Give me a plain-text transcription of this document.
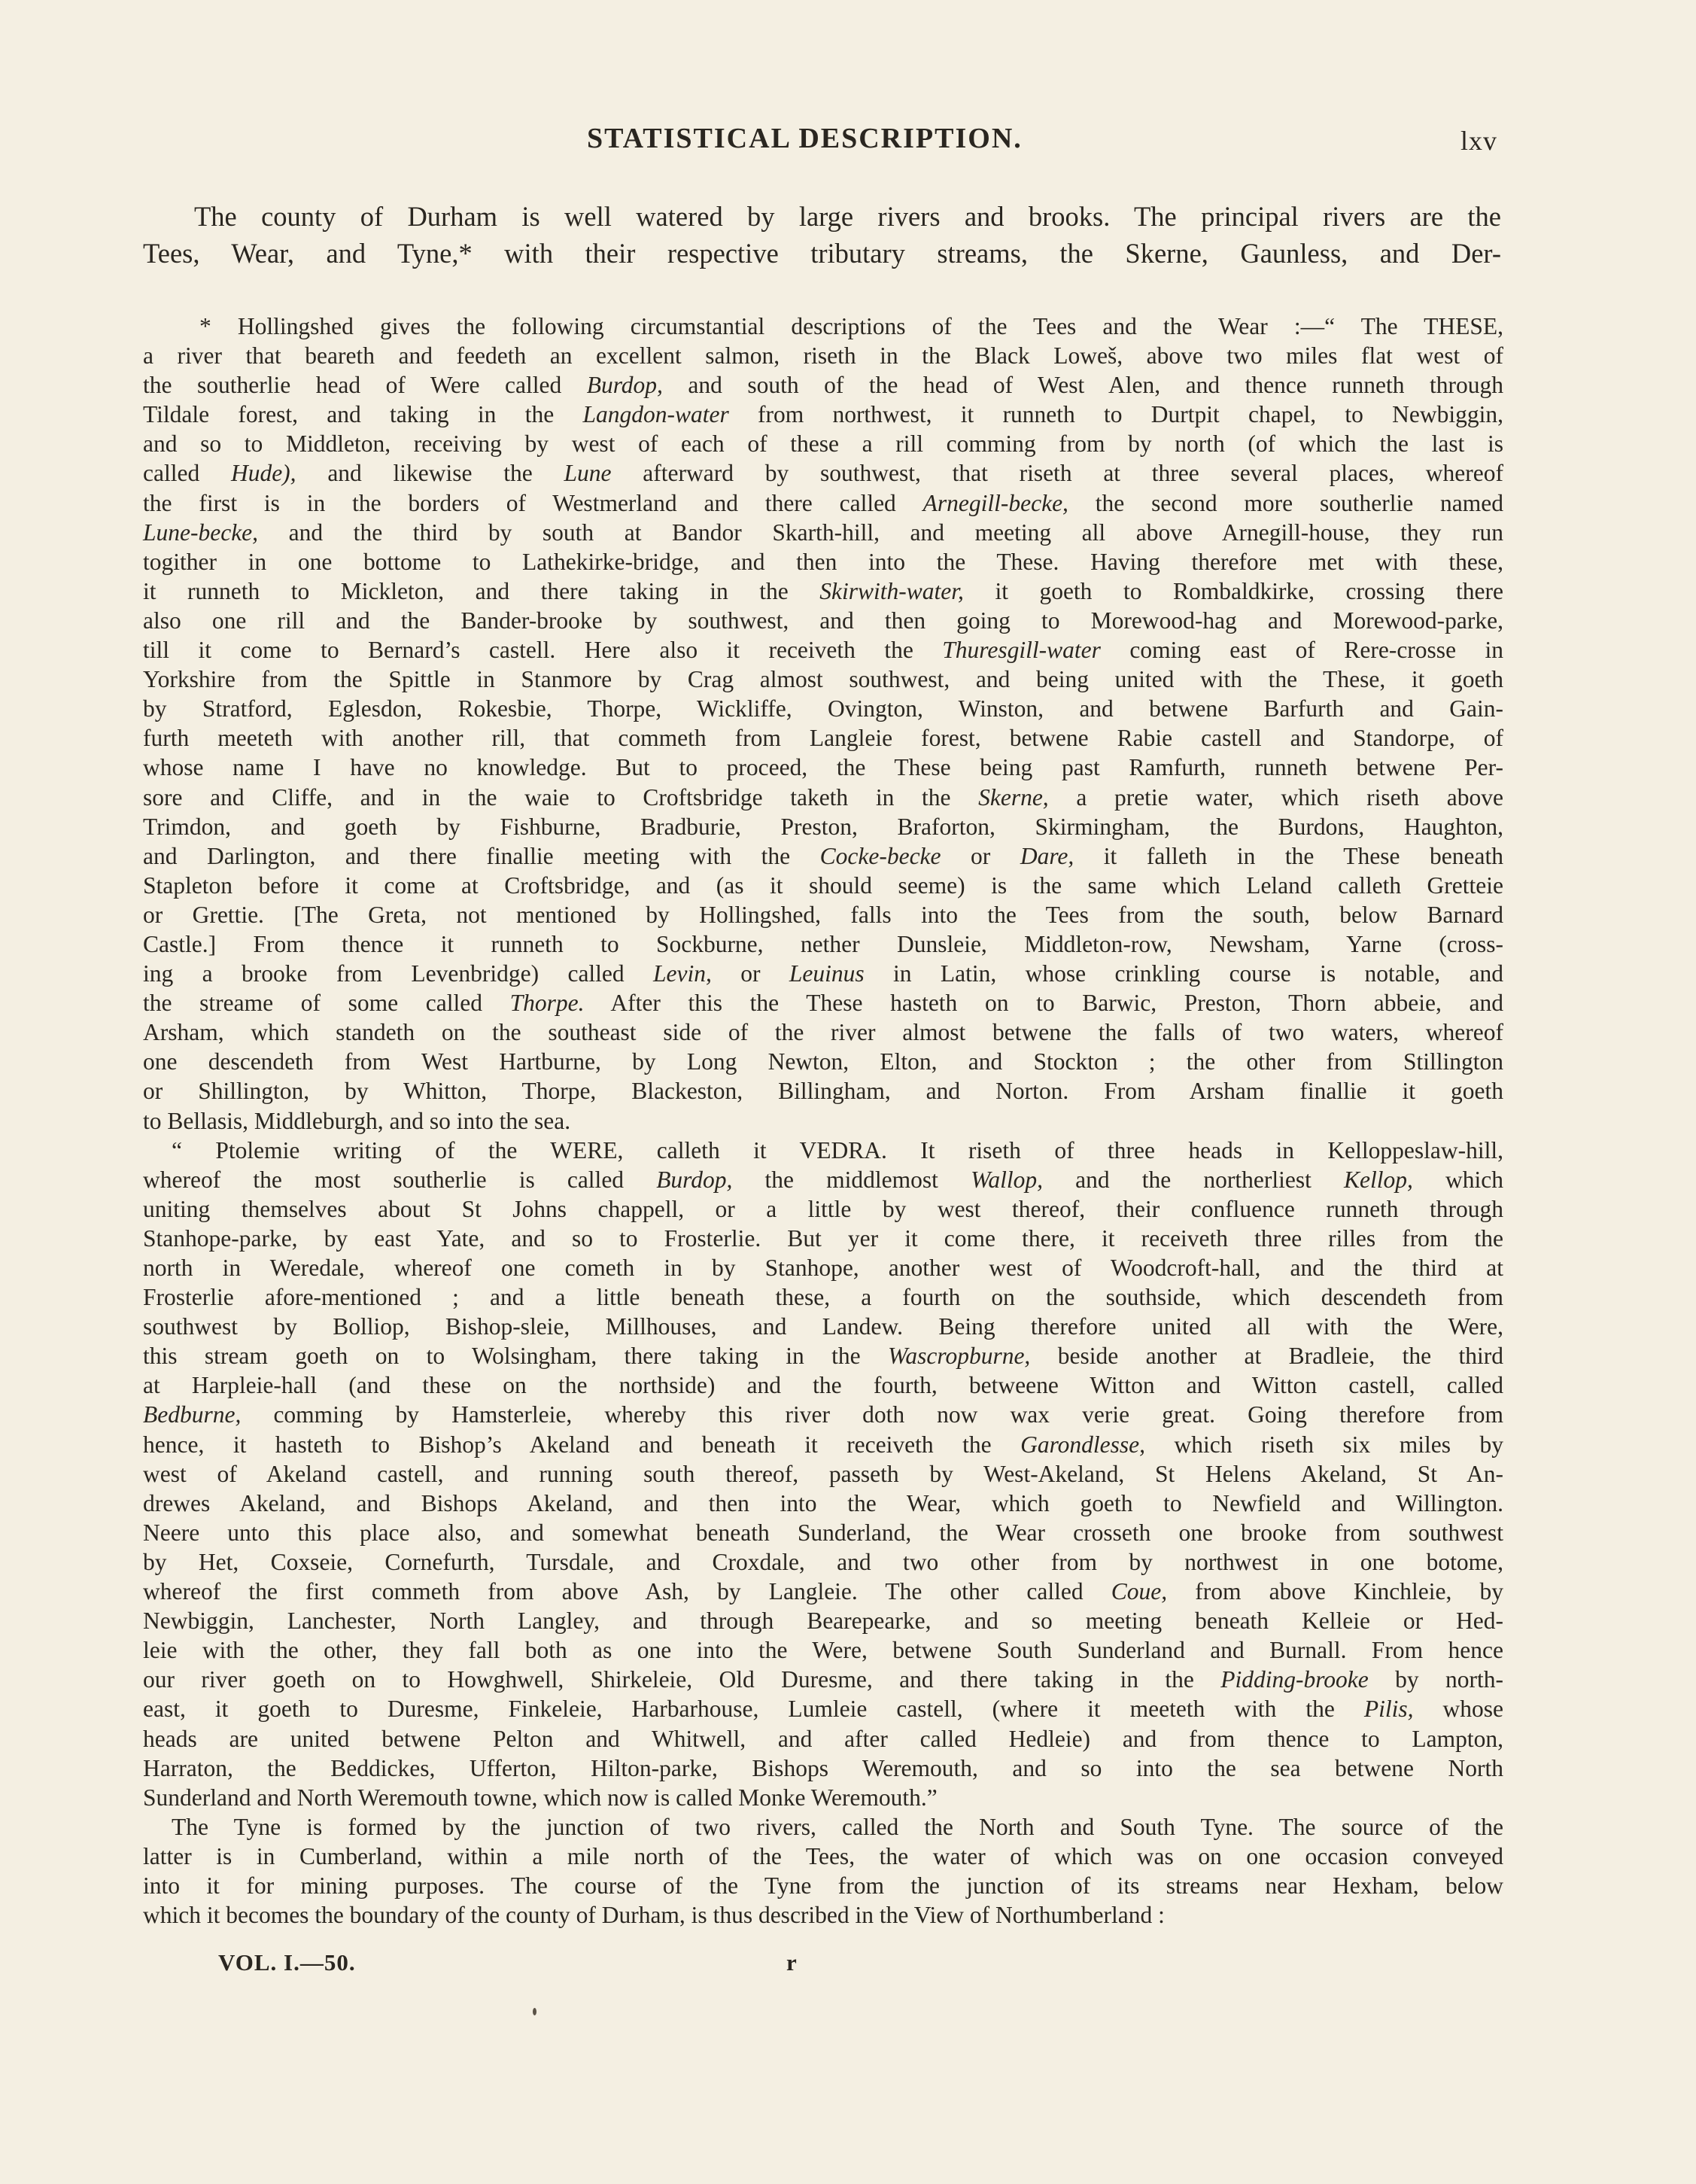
STATISTICAL DESCRIPTION.	lxv
The county of Durham is well watered by large rivers and brooks. The principal rivers are the
Tees, Wear, and Tyne,* with their respective tributary streams, the Skerne, Gaunless, and Der-
* Hollingshed gives the following circumstantial descriptions of the Tees and the Wear :—“ The THESE,
a river that beareth and feedeth an excellent salmon, riseth in the Black Loweš, above two miles flat west of
the southerlie head of Were called Burdop, and south of the head of West Alen, and thence runneth through
Tildale forest, and taking in the Langdon-water from northwest, it runneth to Durtpit chapel, to Newbiggin,
and so to Middleton, receiving by west of each of these a rill comming from by north (of which the last is
called Hude), and likewise the Lune afterward by southwest, that riseth at three several places, whereof
the first is in the borders of Westmerland and there called Arnegill-becke, the second more southerlie named
Lune-becke, and the third by south at Bandor Skarth-hill, and meeting all above Arnegill-house, they run
togither in one bottome to Lathekirke-bridge, and then into the These. Having therefore met with these,
it runneth to Mickleton, and there taking in the Skirwith-water, it goeth to Rombaldkirke, crossing there
also one rill and the Bander-brooke by southwest, and then going to Morewood-hag and Morewood-parke,
till it come to Bernard’s castell. Here also it receiveth the Thuresgill-water coming east of Rere-crosse in
Yorkshire from the Spittle in Stanmore by Crag almost southwest, and being united with the These, it goeth
by Stratford, Eglesdon, Rokesbie, Thorpe, Wickliffe, Ovington, Winston, and betwene Barfurth and Gain-
furth meeteth with another rill, that commeth from Langleie forest, betwene Rabie castell and Standorpe, of
whose name I have no knowledge. But to proceed, the These being past Ramfurth, runneth betwene Per-
sore and Cliffe, and in the waie to Croftsbridge taketh in the Skerne, a pretie water, which riseth above
Trimdon, and goeth by Fishburne, Bradburie, Preston, Braforton, Skirmingham, the Burdons, Haughton,
and Darlington, and there finallie meeting with the Cocke-becke or Dare, it falleth in the These beneath
Stapleton before it come at Croftsbridge, and (as it should seeme) is the same which Leland calleth Gretteie
or Grettie. [The Greta, not mentioned by Hollingshed, falls into the Tees from the south, below Barnard
Castle.] From thence it runneth to Sockburne, nether Dunsleie, Middleton-row, Newsham, Yarne (cross-
ing a brooke from Levenbridge) called Levin, or Leuinus in Latin, whose crinkling course is notable, and
the streame of some called Thorpe. After this the These hasteth on to Barwic, Preston, Thorn abbeie, and
Arsham, which standeth on the southeast side of the river almost betwene the falls of two waters, whereof
one descendeth from West Hartburne, by Long Newton, Elton, and Stockton ; the other from Stillington
or Shillington, by Whitton, Thorpe, Blackeston, Billingham, and Norton. From Arsham finallie it goeth
to Bellasis, Middleburgh, and so into the sea.
“ Ptolemie writing of the WERE, calleth it VEDRA. It riseth of three heads in Kelloppeslaw-hill,
whereof the most southerlie is called Burdop, the middlemost Wallop, and the northerliest Kellop, which
uniting themselves about St Johns chappell, or a little by west thereof, their confluence runneth through
Stanhope-parke, by east Yate, and so to Frosterlie. But yer it come there, it receiveth three rilles from the
north in Weredale, whereof one cometh in by Stanhope, another west of Woodcroft-hall, and the third at
Frosterlie afore-mentioned ; and a little beneath these, a fourth on the southside, which descendeth from
southwest by Bolliop, Bishop-sleie, Millhouses, and Landew. Being therefore united all with the Were,
this stream goeth on to Wolsingham, there taking in the Wascropburne, beside another at Bradleie, the third
at Harpleie-hall (and these on the northside) and the fourth, betweene Witton and Witton castell, called
Bedburne, comming by Hamsterleie, whereby this river doth now wax verie great. Going therefore from
hence, it hasteth to Bishop’s Akeland and beneath it receiveth the Garondlesse, which riseth six miles by
west of Akeland castell, and running south thereof, passeth by West-Akeland, St Helens Akeland, St An-
drewes Akeland, and Bishops Akeland, and then into the Wear, which goeth to Newfield and Willington.
Neere unto this place also, and somewhat beneath Sunderland, the Wear crosseth one brooke from southwest
by Het, Coxseie, Cornefurth, Tursdale, and Croxdale, and two other from by northwest in one botome,
whereof the first commeth from above Ash, by Langleie. The other called Coue, from above Kinchleie, by
Newbiggin, Lanchester, North Langley, and through Bearepearke, and so meeting beneath Kelleie or Hed-
leie with the other, they fall both as one into the Were, betwene South Sunderland and Burnall. From hence
our river goeth on to Howghwell, Shirkeleie, Old Duresme, and there taking in the Pidding-brooke by north-
east, it goeth to Duresme, Finkeleie, Harbarhouse, Lumleie castell, (where it meeteth with the Pilis, whose
heads are united betwene Pelton and Whitwell, and after called Hedleie) and from thence to Lampton,
Harraton, the Beddickes, Ufferton, Hilton-parke, Bishops Weremouth, and so into the sea betwene North
Sunderland and North Weremouth towne, which now is called Monke Weremouth.”
The Tyne is formed by the junction of two rivers, called the North and South Tyne. The source of the
latter is in Cumberland, within a mile north of the Tees, the water of which was on one occasion conveyed
into it for mining purposes. The course of the Tyne from the junction of its streams near Hexham, below
which it becomes the boundary of the county of Durham, is thus described in the View of Northumberland :
VOL. I.—50.	r
